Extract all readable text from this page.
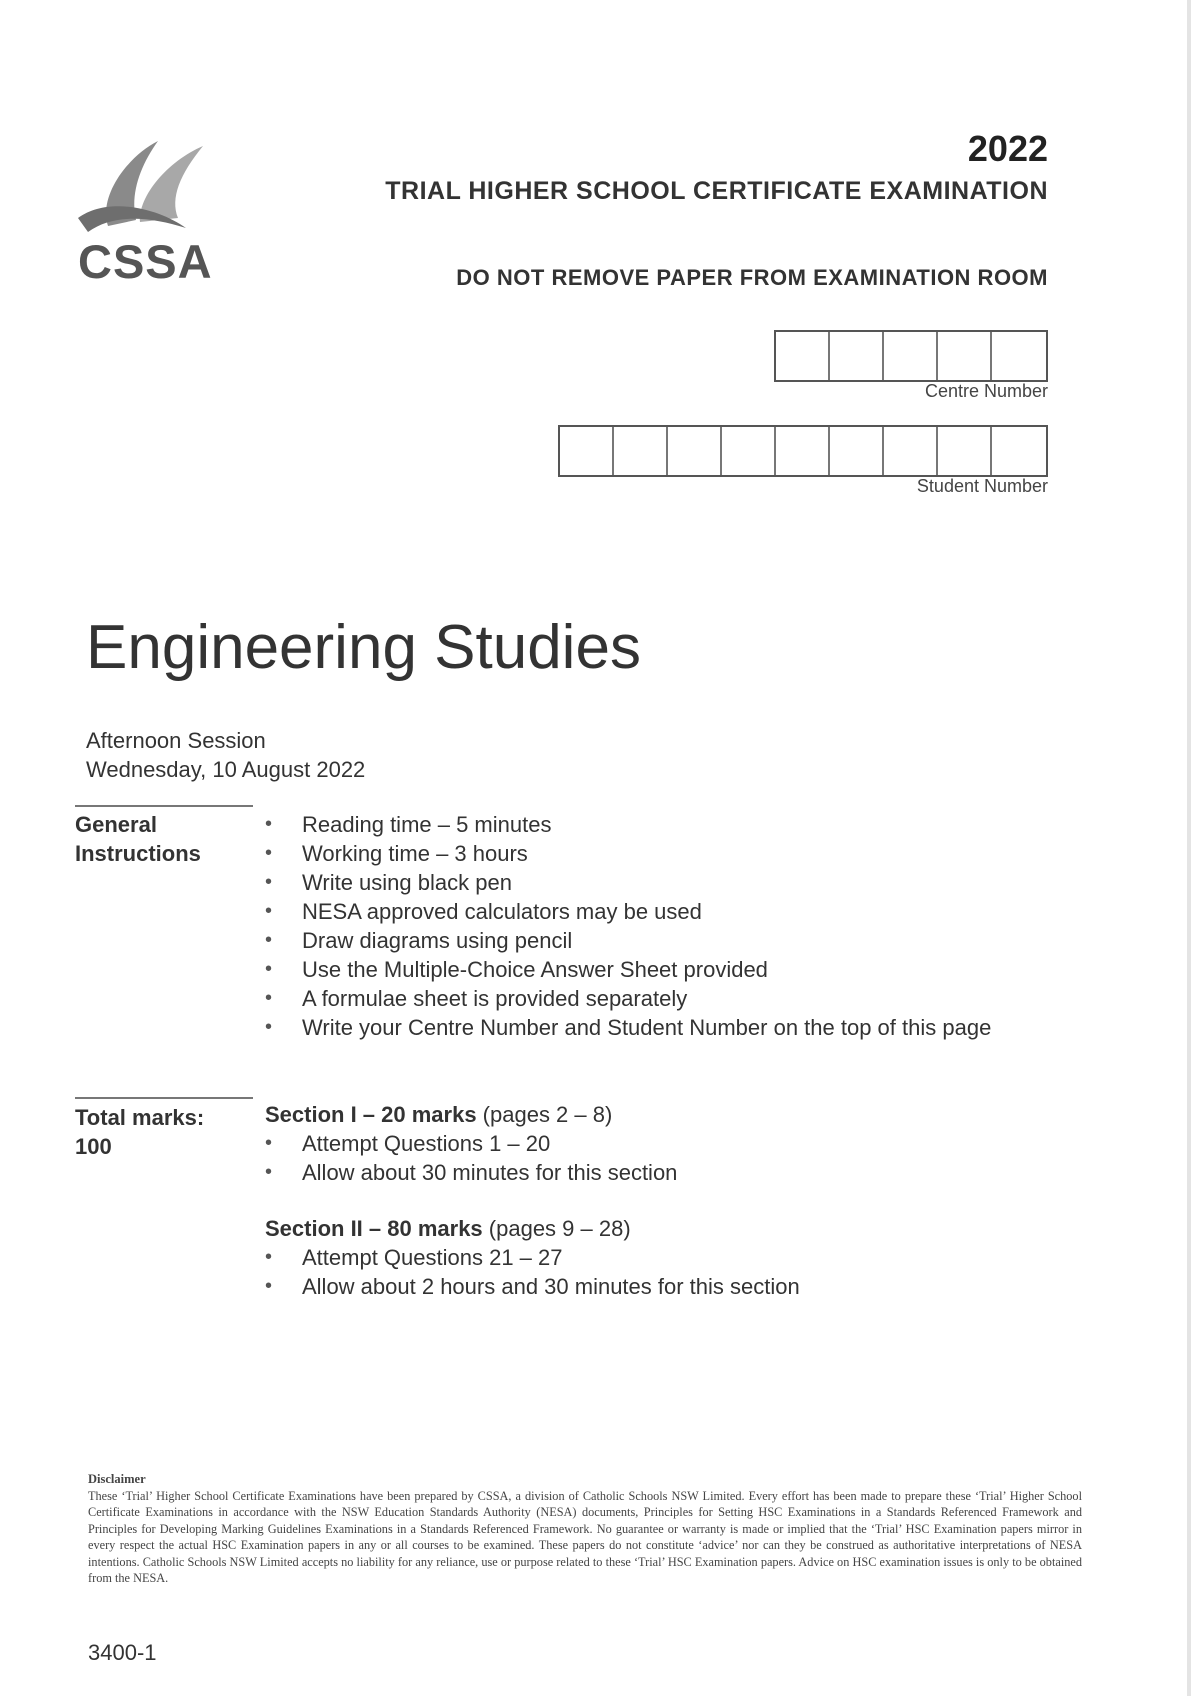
CSSA
2022
TRIAL HIGHER SCHOOL CERTIFICATE EXAMINATION
DO NOT REMOVE PAPER FROM EXAMINATION ROOM
Centre Number
Student Number
Engineering Studies
Afternoon Session
Wednesday, 10 August 2022
General
Instructions
• Reading time – 5 minutes
• Working time – 3 hours
• Write using black pen
• NESA approved calculators may be used
• Draw diagrams using pencil
• Use the Multiple-Choice Answer Sheet provided
• A formulae sheet is provided separately
• Write your Centre Number and Student Number on the top of this page
Total marks:
100
Section I – 20 marks (pages 2 – 8)
• Attempt Questions 1 – 20
• Allow about 30 minutes for this section
Section II – 80 marks (pages 9 – 28)
• Attempt Questions 21 – 27
• Allow about 2 hours and 30 minutes for this section
Disclaimer
These ‘Trial’ Higher School Certificate Examinations have been prepared by CSSA, a division of Catholic Schools NSW Limited. Every effort has been made to prepare these ‘Trial’ Higher School Certificate Examinations in accordance with the NSW Education Standards Authority (NESA) documents, Principles for Setting HSC Examinations in a Standards Referenced Framework and Principles for Developing Marking Guidelines Examinations in a Standards Referenced Framework. No guarantee or warranty is made or implied that the ‘Trial’ HSC Examination papers mirror in every respect the actual HSC Examination papers in any or all courses to be examined. These papers do not constitute ‘advice’ nor can they be construed as authoritative interpretations of NESA intentions. Catholic Schools NSW Limited accepts no liability for any reliance, use or purpose related to these ‘Trial’ HSC Examination papers. Advice on HSC examination issues is only to be obtained from the NESA.
3400-1
